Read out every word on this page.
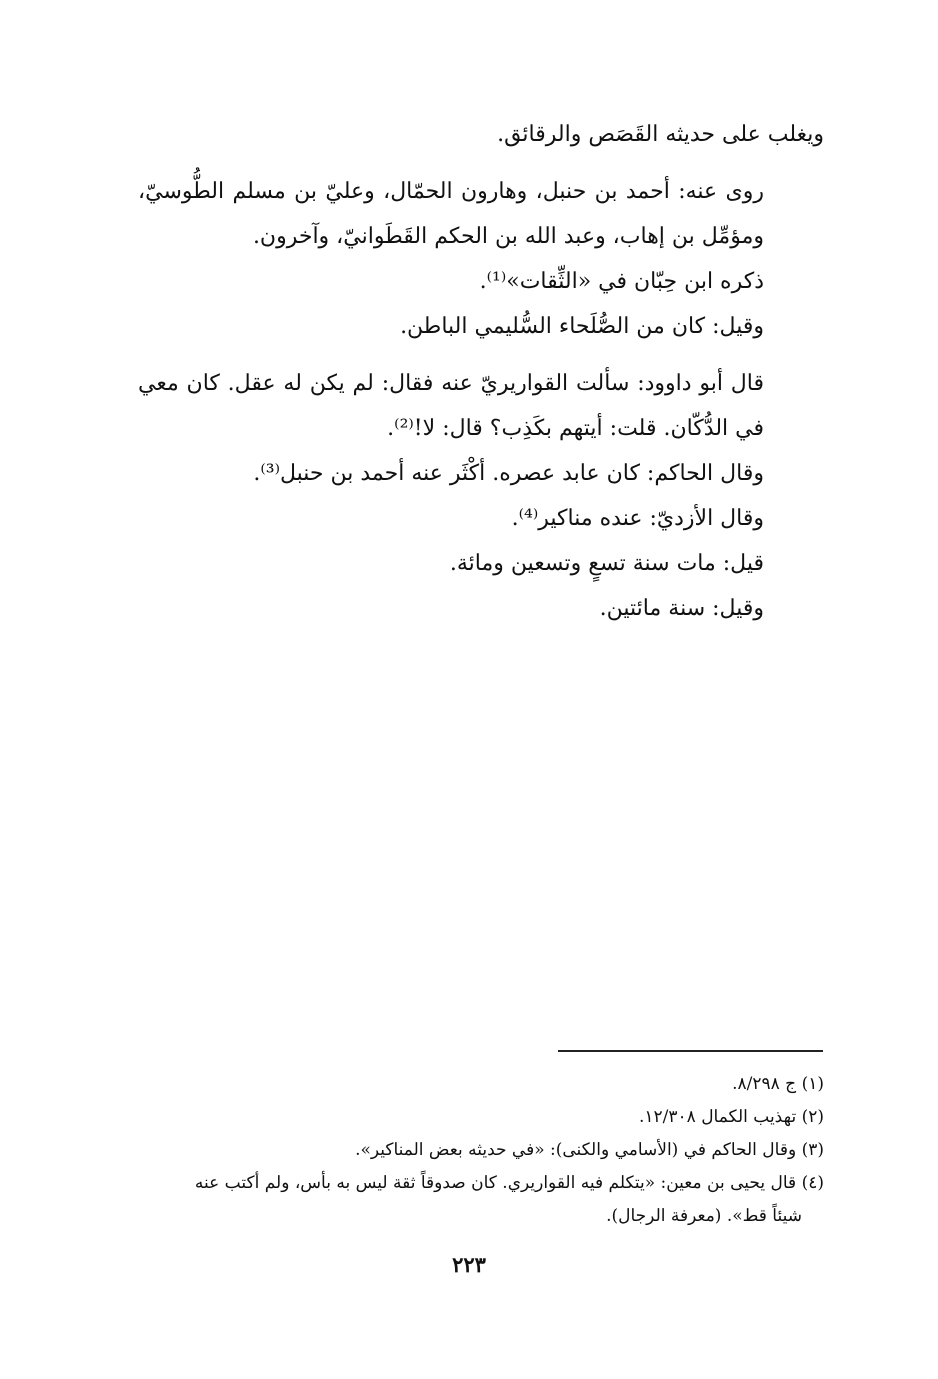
ويغلب على حديثه القَصَص والرقائق.

روى عنه: أحمد بن حنبل، وهارون الحمّال، وعليّ بن مسلم الطُّوسيّ، ومؤمِّل بن إهاب، وعبد الله بن الحكم القَطَوانيّ، وآخرون.

ذكره ابن حِبّان في «الثِّقات»⁽¹⁾.

وقيل: كان من الصُّلَحاء السُّليمي الباطن.

قال أبو داوود: سألت القواريريّ عنه فقال: لم يكن له عقل. كان معي في الدُّكّان. قلت: أيتهم بكَذِب؟ قال: لا!⁽²⁾.

وقال الحاكم: كان عابد عصره. أكْثَر عنه أحمد بن حنبل⁽³⁾.

وقال الأزديّ: عنده مناكير⁽⁴⁾.

قيل: مات سنة تسعٍ وتسعين ومائة.

وقيل: سنة مائتين.

(١) ج ٨/٢٩٨.

(٢) تهذيب الكمال ١٢/٣٠٨.

(٣) وقال الحاكم في (الأسامي والكنى): «في حديثه بعض المناكير».

(٤) قال يحيى بن معين: «يتكلم فيه القواريري. كان صدوقاً ثقة ليس به بأس، ولم أكتب عنه
شيئاً قط». (معرفة الرجال).

٢٢٣
